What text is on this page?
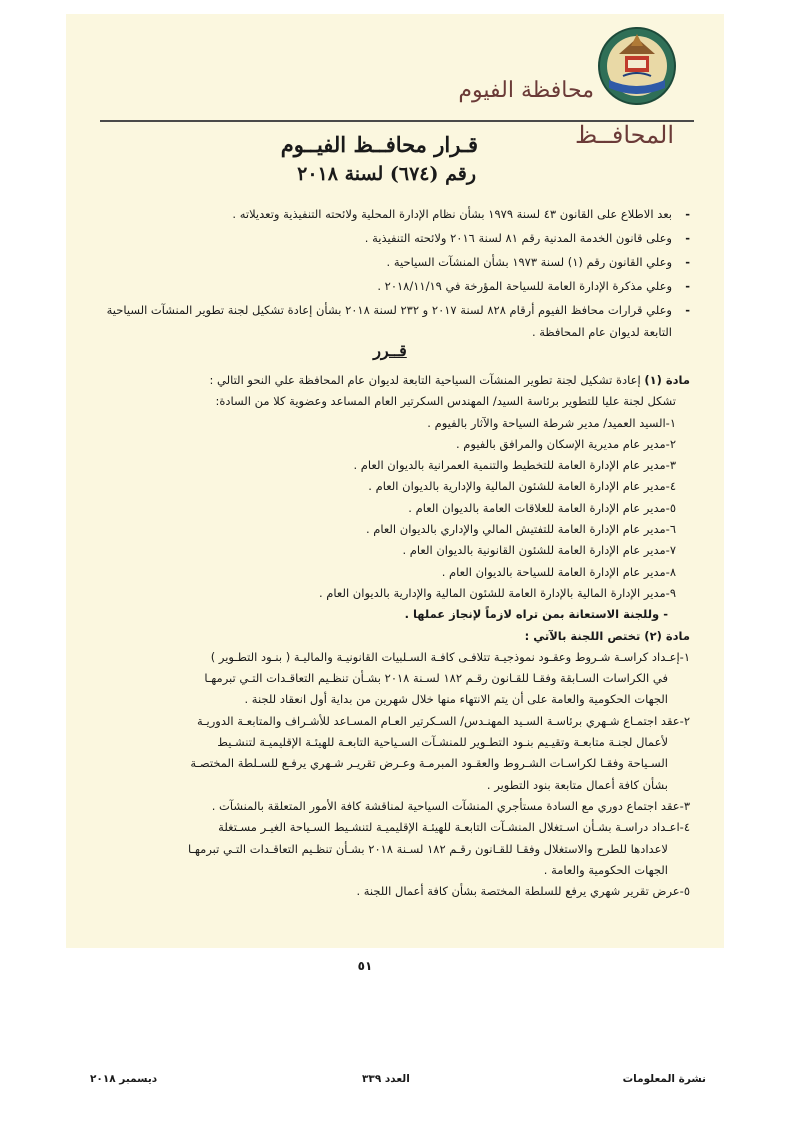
محافظة الفيوم
المحافــظ
قـرار محافــظ الفيــوم
رقم (٦٧٤) لسنة ٢٠١٨
- بعد الاطلاع على القانون ٤٣ لسنة ١٩٧٩ بشأن نظام الإدارة المحلية ولائحته التنفيذية وتعديلاته .
- وعلى قانون الخدمة المدنية رقم ٨١ لسنة ٢٠١٦ ولائحته التنفيذية .
- وعلي القانون رقم (١) لسنة ١٩٧٣ بشأن المنشآت السياحية .
- وعلي مذكرة الإدارة العامة للسياحة المؤرخة في ٢٠١٨/١١/١٩ .
- وعلي قرارات محافظ الفيوم أرقام ٨٢٨ لسنة ٢٠١٧ و ٢٣٢ لسنة ٢٠١٨ بشأن إعادة تشكيل لجنة تطوير المنشآت السياحية التابعة لديوان عام المحافظة .
قــرر

مادة (١) إعادة تشكيل لجنة تطوير المنشآت السياحية التابعة لديوان عام المحافظة علي النحو التالي :

تشكل لجنة عليا للتطوير برئاسة السيد/ المهندس السكرتير العام المساعد وعضوية كلا من السادة:

١-السيد العميد/ مدير شرطة السياحة والآثار بالفيوم .

٢-مدير عام مديرية الإسكان والمرافق بالفيوم .

٣-مدير عام الإدارة العامة للتخطيط والتنمية العمرانية بالديوان العام .

٤-مدير عام الإدارة العامة للشئون المالية والإدارية بالديوان العام .

٥-مدير عام الإدارة العامة للعلاقات العامة بالديوان العام .

٦-مدير عام الإدارة العامة للتفتيش المالي والإداري بالديوان العام .

٧-مدير عام الإدارة العامة للشئون القانونية بالديوان العام .

٨-مدير عام الإدارة العامة للسياحة بالديوان العام .

٩-مدير الإدارة المالية بالإدارة العامة للشئون المالية والإدارية بالديوان العام .

- وللجنة الاستعانة بمن تراه لازماً لإنجاز عملها .

مادة (٢) تختص اللجنة بالآتي :

١-إعـداد كراسـة شـروط وعقـود نموذجيـة تتلافـى كافـة السـلبيات القانونيـة والماليـة ( بنـود التطـوير )
في الكراسات السـابقة وفقـا للقـانون رقـم ١٨٢ لسـنة ٢٠١٨ بشـأن تنظـيم التعاقـدات التـي تبرمهـا
الجهات الحكومية والعامة على أن يتم الانتهاء منها خلال شهرين من بداية أول انعقاد للجنة .
٢-عقد اجتمـاع شـهري برئاسـة السـيد المهنـدس/ السـكرتير العـام المسـاعد للأشـراف والمتابعـة الدوريـة
لأعمال لجنـة متابعـة وتقيـيم بنـود التطـوير للمنشـآت السـياحية التابعـة للهيئـة الإقليميـة لتنشـيط
السـياحة وفقـا لكراسـات الشـروط والعقـود المبرمـة وعـرض تقريـر شـهري يرفـع للسـلطة المختصـة
بشأن كافة أعمال متابعة بنود التطوير .
٣-عقد اجتماع دوري مع السادة مستأجري المنشآت السياحية لمناقشة كافة الأمور المتعلقة بالمنشآت .
٤-اعـداد دراسـة بشـأن اسـتغلال المنشـآت التابعـة للهيئـة الإقليميـة لتنشـيط السـياحة الغيـر مسـتغلة
لاعدادها للطرح والاستغلال وفقـا للقـانون رقـم ١٨٢ لسـنة ٢٠١٨ بشـأن تنظـيم التعاقـدات التـي تبرمهـا
الجهات الحكومية والعامة .
٥-عرض تقرير شهري يرفع للسلطة المختصة بشأن كافة أعمال اللجنة .
٥١
ديسمبر ٢٠١٨	العدد ٣٣٩	نشرة المعلومات
